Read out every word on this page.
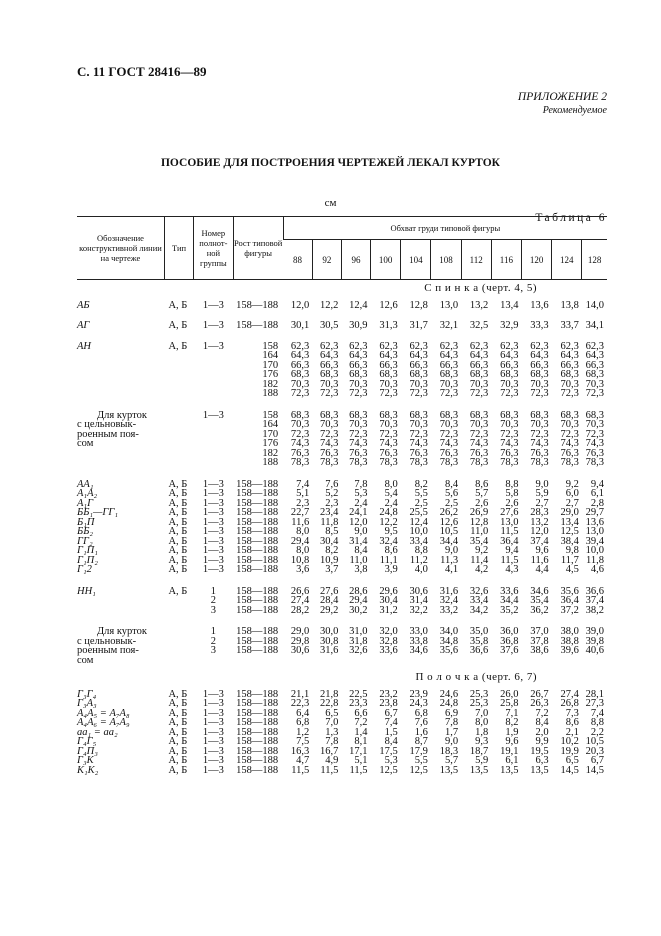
С. 11 ГОСТ 28416—89
ПРИЛОЖЕНИЕ 2
Рекомендуемое
ПОСОБИЕ ДЛЯ ПОСТРОЕНИЯ ЧЕРТЕЖЕЙ ЛЕКАЛ КУРТОК
см
Таблица 6
Обозначение конструктивной линии на чертеже	Тип	Номер полнот-ной группы	Рост типовой фигуры	Обхват груди типовой фигуры										
				88	92	96	100	104	108	112	116	120	124	128
С п и н к а (черт. 4, 5)														

АБ	А, Б	1—3	158—188	12,0	12,2	12,4	12,6	12,8	13,0	13,2	13,4	13,6	13,8	14,0

АГ	А, Б	1—3	158—188	30,1	30,5	30,9	31,3	31,7	32,1	32,5	32,9	33,3	33,7	34,1

АН	А, Б	1—3	158	62,3	62,3	62,3	62,3	62,3	62,3	62,3	62,3	62,3	62,3	62,3
			164	64,3	64,3	64,3	64,3	64,3	64,3	64,3	64,3	64,3	64,3	64,3
			170	66,3	66,3	66,3	66,3	66,3	66,3	66,3	66,3	66,3	66,3	66,3
			176	68,3	68,3	68,3	68,3	68,3	68,3	68,3	68,3	68,3	68,3	68,3
			182	70,3	70,3	70,3	70,3	70,3	70,3	70,3	70,3	70,3	70,3	70,3
			188	72,3	72,3	72,3	72,3	72,3	72,3	72,3	72,3	72,3	72,3	72,3

Для курток		1—3	158	68,3	68,3	68,3	68,3	68,3	68,3	68,3	68,3	68,3	68,3	68,3
с цельновык-			164	70,3	70,3	70,3	70,3	70,3	70,3	70,3	70,3	70,3	70,3	70,3
роенным поя-			170	72,3	72,3	72,3	72,3	72,3	72,3	72,3	72,3	72,3	72,3	72,3
сом			176	74,3	74,3	74,3	74,3	74,3	74,3	74,3	74,3	74,3	74,3	74,3
			182	76,3	76,3	76,3	76,3	76,3	76,3	76,3	76,3	76,3	76,3	76,3
			188	78,3	78,3	78,3	78,3	78,3	78,3	78,3	78,3	78,3	78,3	78,3

АА₁	А, Б	1—3	158—188	7,4	7,6	7,8	8,0	8,2	8,4	8,6	8,8	9,0	9,2	9,4
А₁А₂	А, Б	1—3	158—188	5,1	5,2	5,3	5,4	5,5	5,6	5,7	5,8	5,9	6,0	6,1
А₁Г	А, Б	1—3	158—188	2,3	2,3	2,4	2,4	2,5	2,5	2,6	2,6	2,7	2,7	2,8
ББ₁—ГГ₁	А, Б	1—3	158—188	22,7	23,4	24,1	24,8	25,5	26,2	26,9	27,6	28,3	29,0	29,7
Б₁П	А, Б	1—3	158—188	11,6	11,8	12,0	12,2	12,4	12,6	12,8	13,0	13,2	13,4	13,6
ББ₂	А, Б	1—3	158—188	8,0	8,5	9,0	9,5	10,0	10,5	11,0	11,5	12,0	12,5	13,0
ГГ₂	А, Б	1—3	158—188	29,4	30,4	31,4	32,4	33,4	34,4	35,4	36,4	37,4	38,4	39,4
Г₁П₁	А, Б	1—3	158—188	8,0	8,2	8,4	8,6	8,8	9,0	9,2	9,4	9,6	9,8	10,0
Г₁П₂	А, Б	1—3	158—188	10,8	10,9	11,0	11,1	11,2	11,3	11,4	11,5	11,6	11,7	11,8
Г₁2	А, Б	1—3	158—188	3,6	3,7	3,8	3,9	4,0	4,1	4,2	4,3	4,4	4,5	4,6

НН₁	А, Б	1	158—188	26,6	27,6	28,6	29,6	30,6	31,6	32,6	33,6	34,6	35,6	36,6
		2	158—188	27,4	28,4	29,4	30,4	31,4	32,4	33,4	34,4	35,4	36,4	37,4
		3	158—188	28,2	29,2	30,2	31,2	32,2	33,2	34,2	35,2	36,2	37,2	38,2

Для курток		1	158—188	29,0	30,0	31,0	32,0	33,0	34,0	35,0	36,0	37,0	38,0	39,0
с цельновык-		2	158—188	29,8	30,8	31,8	32,8	33,8	34,8	35,8	36,8	37,8	38,8	39,8
роенным поя-		3	158—188	30,6	31,6	32,6	33,6	34,6	35,6	36,6	37,6	38,6	39,6	40,6
сом														

П о л о ч к а (черт. 6, 7)														

Г₃Г₄	А, Б	1—3	158—188	21,1	21,8	22,5	23,2	23,9	24,6	25,3	26,0	26,7	27,4	28,1
Г₃А₃	А, Б	1—3	158—188	22,3	22,8	23,3	23,8	24,3	24,8	25,3	25,8	26,3	26,8	27,3
А₄А₅ = А₇А₈	А, Б	1—3	158—188	6,4	6,5	6,6	6,7	6,8	6,9	7,0	7,1	7,2	7,3	7,4
А₄А₆ = А₇А₉	А, Б	1—3	158—188	6,8	7,0	7,2	7,4	7,6	7,8	8,0	8,2	8,4	8,6	8,8
аа₁ = аа₂	А, Б	1—3	158—188	1,2	1,3	1,4	1,5	1,6	1,7	1,8	1,9	2,0	2,1	2,2
Г₄Г₅	А, Б	1—3	158—188	7,5	7,8	8,1	8,4	8,7	9,0	9,3	9,6	9,9	10,2	10,5
Г₄П₃	А, Б	1—3	158—188	16,3	16,7	17,1	17,5	17,9	18,3	18,7	19,1	19,5	19,9	20,3
Г₃К	А, Б	1—3	158—188	4,7	4,9	5,1	5,3	5,5	5,7	5,9	6,1	6,3	6,5	6,7
К₁К₂	А, Б	1—3	158—188	11,5	11,5	11,5	12,5	12,5	13,5	13,5	13,5	13,5	14,5	14,5
